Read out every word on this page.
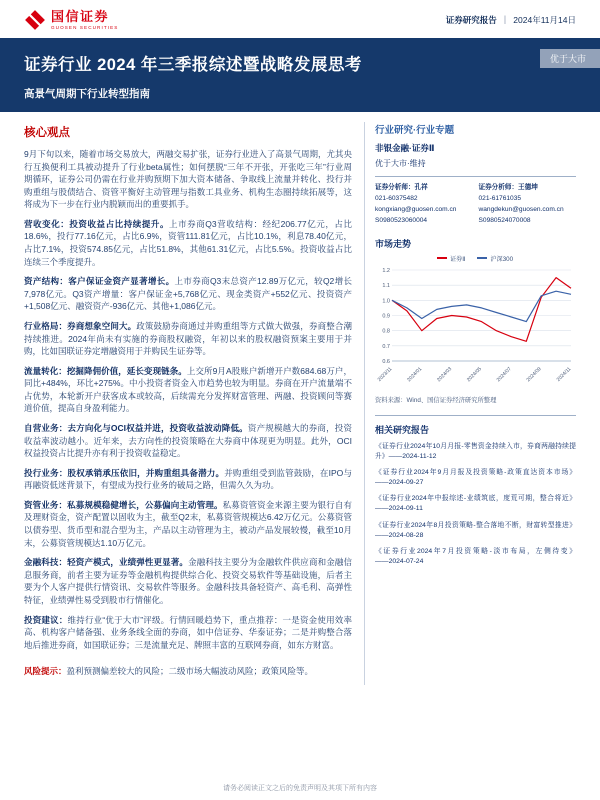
国信证券
GUOSEN SECURITIES
证券研究报告 ｜ 2024年11月14日
证券行业 2024 年三季报综述暨战略发展思考
高景气周期下行业转型指南
优于大市
核心观点

9月下旬以来，随着市场交易放大，两融交易扩张，证券行业进入了高景气周期，尤其央行互换便利工具被动提升了行业beta属性；如何摆脱“三年不开张，开张吃三年”行业周期循环，证券公司仍需在行业并购预期下加大资本储备、争取线上流量并转化、投行并购重组与股债结合、资管平衡好主动管理与指数工具业务、机构生态圈持续拓展等，这将成为下一步在行业内脱颖而出的重要抓手。

营收变化：投资收益占比持续提升。上市券商Q3营收结构：经纪206.77亿元，占比18.6%，投行77.16亿元，占比6.9%，资管111.81亿元，占比10.1%，利息78.40亿元，占比7.1%，投资574.85亿元，占比51.8%，其他61.31亿元，占比5.5%。投资收益占比连续三个季度提升。

资产结构：客户保证金资产显著增长。上市券商Q3末总资产12.89万亿元，较Q2增长7,978亿元。Q3资产增量：客户保证金+5,768亿元、现金类资产+552亿元、投资资产+1,508亿元、融资资产-936亿元、其他+1,086亿元。

行业格局：券商想象空间大。政策鼓励券商通过并购重组等方式做大做强，券商整合潮持续推进。2024年尚未有实施的券商股权融资，年初以来的股权融资预案主要用于并购，比如国联证券定增融资用于并购民生证券等。

流量转化：挖掘降佣价值，延长变现链条。上交所9月A股账户新增开户数684.68万户，同比+484%，环比+275%。中小投资者资金入市趋势也较为明显。券商在开户流量端不占优势，本轮新开户获客成本或较高，后续需充分发挥财富管理、两融、投资顾问等赛道价值，提高自身盈利能力。

自营业务：去方向化与OCI权益并进，投资收益波动降低。资产规模越大的券商，投资收益率波动越小。近年来，去方向性的投资策略在大券商中体现更为明显。此外，OCI权益投资占比提升亦有利于投资收益稳定。

投行业务：股权承销承压依旧，并购重组具备潜力。并购重组受到监管鼓励，在IPO与再融资低迷背景下，有望成为投行业务的破局之路，但需久久为功。

资管业务：私募规模稳健增长，公募偏向主动管理。私募资管资金来源主要为银行自有及理财资金，资产配置以固收为主，截至Q2末，私募资管规模达6.42万亿元。公募资管以债券型、货币型和混合型为主，产品以主动管理为主，被动产品发展较慢，截至10月末，公募资管规模达1.10万亿元。

金融科技：轻资产模式，业绩弹性更显著。金融科技主要分为金融软件供应商和金融信息服务商，前者主要为证券等金融机构提供综合化、投资交易软件等基础设施，后者主要为个人客户提供行情资讯、交易软件等服务。金融科技具备轻资产、高毛利、高弹性特征，业绩弹性易受到股市行情催化。

投资建议：维持行业“优于大市”评级。行情回暖趋势下，重点推荐：一是资金使用效率高、机构客户储备强、业务条线全面的券商，如中信证券、华泰证券；二是并购整合落地后推进券商，如国联证券；三是流量充足、牌照丰富的互联网券商，如东方财富。

风险提示：盈利预测偏差较大的风险；二级市场大幅波动风险；政策风险等。

行业研究·行业专题
非银金融·证券Ⅱ
优于大市·维持
证券分析师：孔祥
021-60375482
kongxiang@guosen.com.cn
S0980523060004
证券分析师：王德坤
021-61761035
wangdekun@guosen.com.cn
S0980524070008
市场走势
证券Ⅱ	沪深300
0.6
0.7
0.8
0.9
1.0
1.1
1.2
2023/11	2024/01	2024/03	2024/05	2024/07	2024/09	2024/11
资料来源：Wind、国信证券经济研究所整理
相关研究报告
《证券行业2024年10月月报-零售资金持续入市，券商两融持续提升》——2024-11-12
《证券行业2024年9月月报及投资策略-政策直达资本市场》——2024-09-27
《证券行业2024年中报综述-业绩筑底，度荒可期，整合将近》——2024-09-11
《证券行业2024年8月投资策略-整合落地不断，财富转型推进》——2024-08-28
《证券行业2024年7月投资策略-淡市布局，左侧待变》——2024-07-24
请务必阅读正文之后的免责声明及其项下所有内容
